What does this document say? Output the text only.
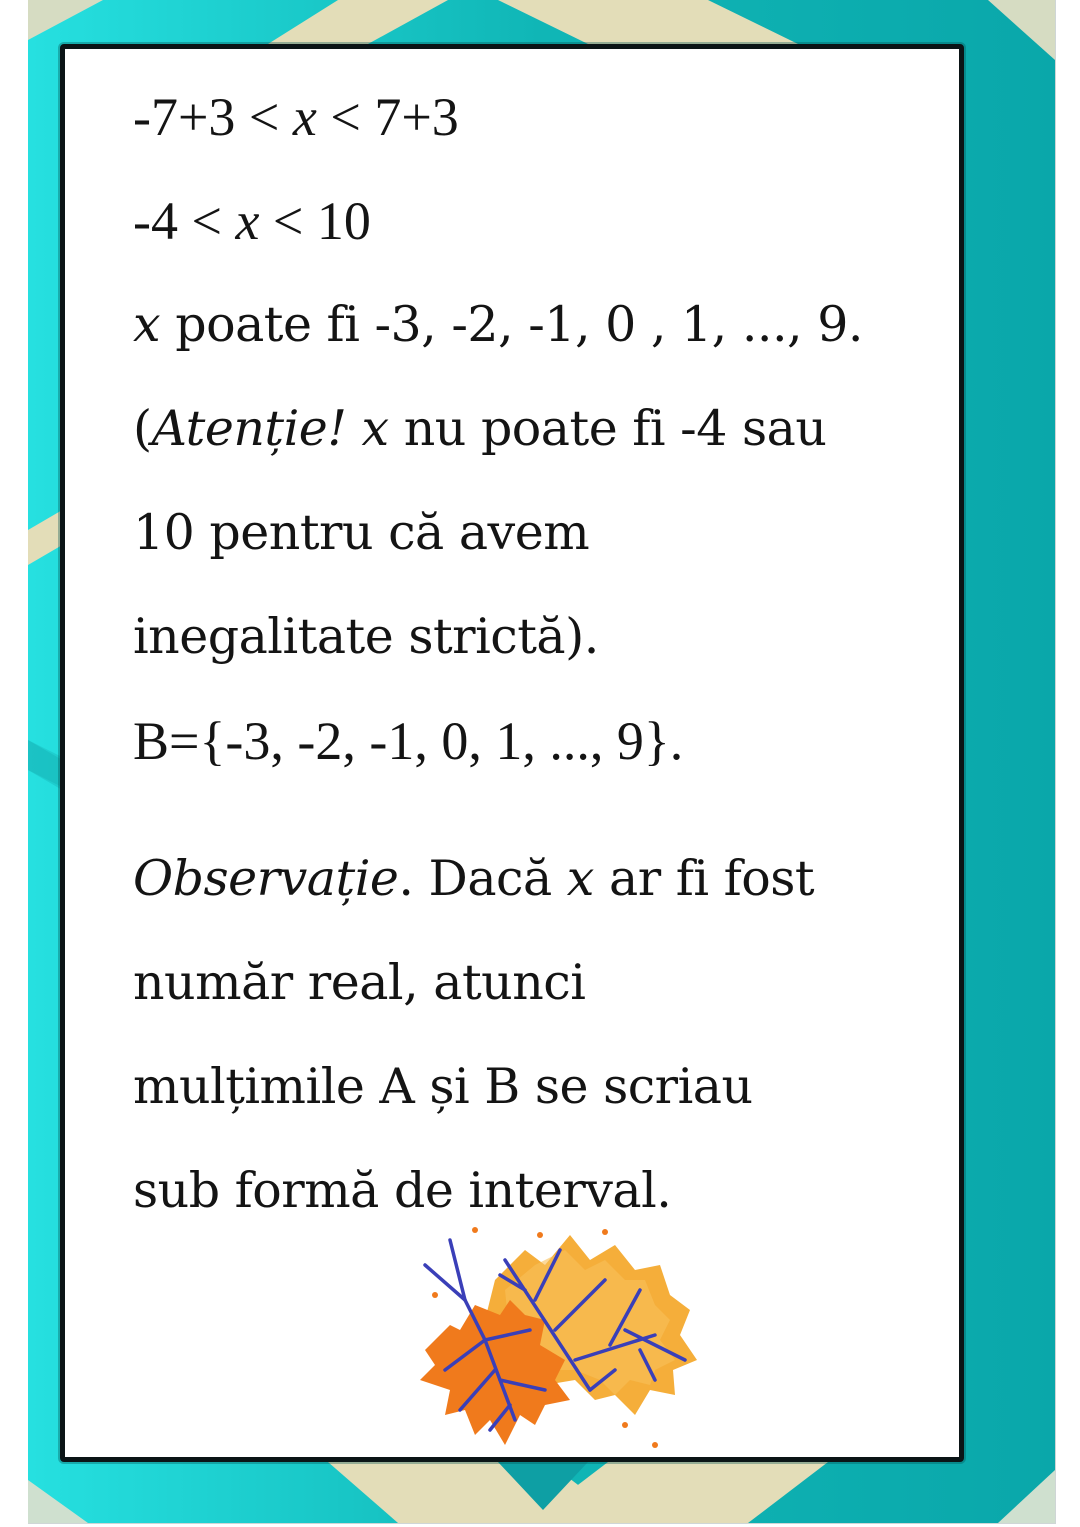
-7+3 < x < 7+3
-4 < x < 10
x poate fi -3, -2, -1, 0 , 1, ..., 9.
(Atenție! x nu poate fi -4 sau
10 pentru că avem
inegalitate strictă).
B={-3, -2, -1, 0, 1, ..., 9}.
Observație. Dacă x ar fi fost
număr real, atunci
mulțimile A și B se scriau
sub formă de interval.
